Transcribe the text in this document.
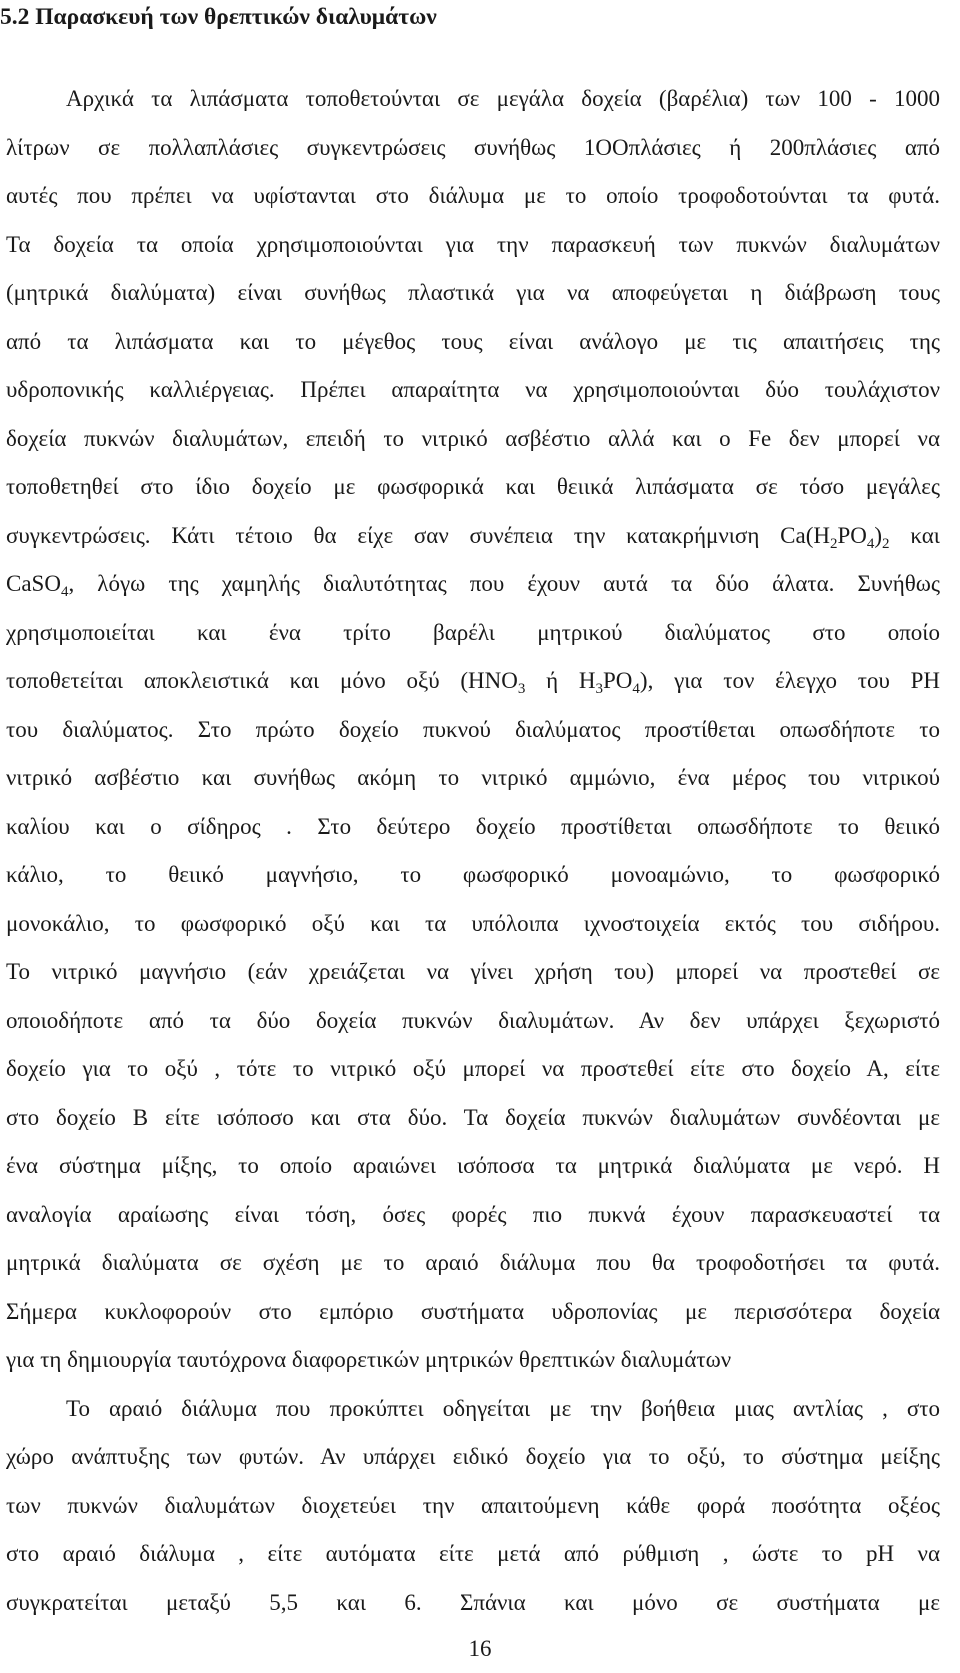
5.2 Παρασκευή των θρεπτικών διαλυμάτων
Αρχικά τα λιπάσματα τοποθετούνται σε μεγάλα δοχεία (βαρέλια) των 100 - 1000
λίτρων σε πολλαπλάσιες συγκεντρώσεις συνήθως 1ΟΟπλάσιες ή 200πλάσιες από
αυτές που πρέπει να υφίστανται στο διάλυμα με το οποίο τροφοδοτούνται τα φυτά.
Τα δοχεία τα οποία χρησιμοποιούνται για την παρασκευή των πυκνών διαλυμάτων
(μητρικά διαλύματα) είναι συνήθως πλαστικά για να αποφεύγεται η διάβρωση τους
από τα λιπάσματα και το μέγεθος τους είναι ανάλογο με τις απαιτήσεις της
υδροπονικής καλλιέργειας. Πρέπει απαραίτητα να χρησιμοποιούνται δύο τουλάχιστον
δοχεία πυκνών διαλυμάτων, επειδή το νιτρικό ασβέστιο αλλά και ο Fe δεν μπορεί να
τοποθετηθεί στο ίδιο δοχείο με φωσφορικά και θειικά λιπάσματα σε τόσο μεγάλες
συγκεντρώσεις. Κάτι τέτοιο θα είχε σαν συνέπεια την κατακρήμνιση $Ca(H_2PO_4)_2$ και
CaSO$_4$, λόγω της χαμηλής διαλυτότητας που έχουν αυτά τα δύο άλατα. Συνήθως
χρησιμοποιείται και ένα τρίτο βαρέλι μητρικού διαλύματος στο οποίο
τοποθετείται αποκλειστικά και μόνο οξύ ($HNO_3$ ή $H_3PO_4$), για τον έλεγχο του PH
του διαλύματος. Στο πρώτο δοχείο πυκνού διαλύματος προστίθεται οπωσδήποτε το
νιτρικό ασβέστιο και συνήθως ακόμη το νιτρικό αμμώνιο, ένα μέρος του νιτρικού
καλίου και ο σίδηρος . Στο δεύτερο δοχείο προστίθεται οπωσδήποτε το θειικό
κάλιο, το θειικό μαγνήσιο, το φωσφορικό μονοαμώνιο, το φωσφορικό
μονοκάλιο, το φωσφορικό οξύ και τα υπόλοιπα ιχνοστοιχεία εκτός του σιδήρου.
Το νιτρικό μαγνήσιο (εάν χρειάζεται να γίνει χρήση του) μπορεί να προστεθεί σε
οποιοδήποτε από τα δύο δοχεία πυκνών διαλυμάτων. Αν δεν υπάρχει ξεχωριστό
δοχείο για το οξύ , τότε το νιτρικό οξύ μπορεί να προστεθεί είτε στο δοχείο Α, είτε
στο δοχείο Β είτε ισόποσο και στα δύο. Τα δοχεία πυκνών διαλυμάτων συνδέονται με
ένα σύστημα μίξης, το οποίο αραιώνει ισόποσα τα μητρικά διαλύματα με νερό. Η
αναλογία αραίωσης είναι τόση, όσες φορές πιο πυκνά έχουν παρασκευαστεί τα
μητρικά διαλύματα σε σχέση με το αραιό διάλυμα που θα τροφοδοτήσει τα φυτά.
Σήμερα κυκλοφορούν στο εμπόριο συστήματα υδροπονίας με περισσότερα δοχεία
για τη δημιουργία ταυτόχρονα διαφορετικών μητρικών θρεπτικών διαλυμάτων
Το αραιό διάλυμα που προκύπτει οδηγείται με την βοήθεια μιας αντλίας , στο
χώρο ανάπτυξης των φυτών. Αν υπάρχει ειδικό δοχείο για το οξύ, το σύστημα μείξης
των πυκνών διαλυμάτων διοχετεύει την απαιτούμενη κάθε φορά ποσότητα οξέος
στο αραιό διάλυμα , είτε αυτόματα είτε μετά από ρύθμιση , ώστε το pH να
συγκρατείται μεταξύ 5,5 και 6. Σπάνια και μόνο σε συστήματα με
16
